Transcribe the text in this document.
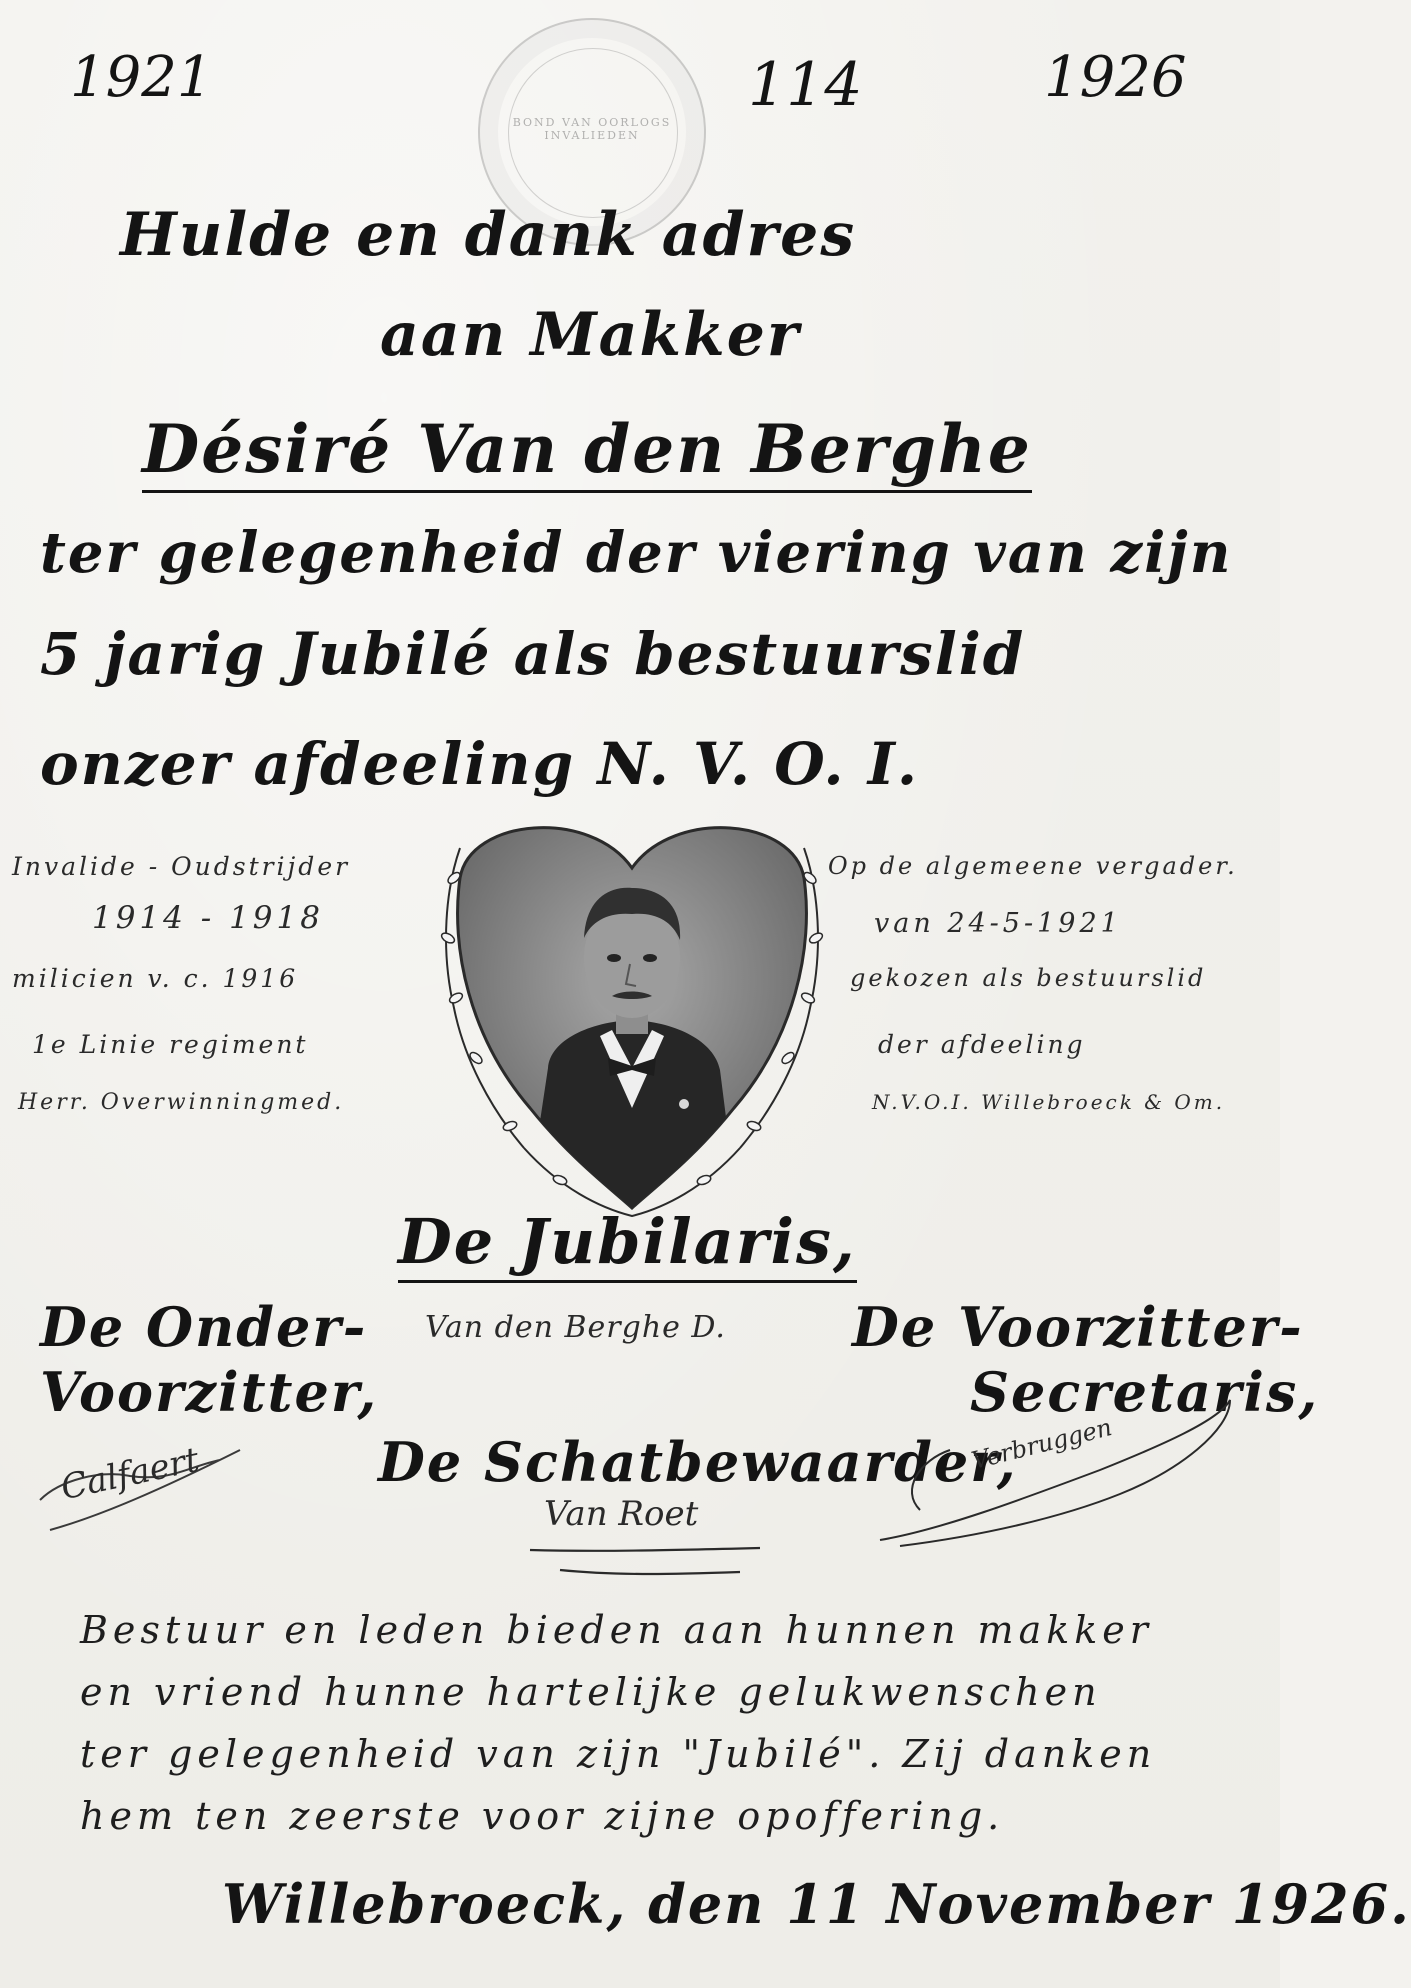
BOND VAN OORLOGS INVALIEDEN
1921	114	1926
Hulde en dank adres
aan Makker
Désiré Van den Berghe
ter gelegenheid der viering van zijn
5 jarig Jubilé als bestuurslid
onzer afdeeling N. V. O. I.
Invalide - Oudstrijder
1914 - 1918
milicien v. c. 1916
1e Linie regiment
Herr. Overwinningmed.
Op de algemeene vergader.
van 24-5-1921
gekozen als bestuurslid
der afdeeling
N.V.O.I. Willebroeck & Om.
De Jubilaris,
Van den Berghe D.
De Onder-
Voorzitter,
De Voorzitter-
Secretaris,
De Schatbewaarder,
Calfaert
Van Roet
Verbruggen
Bestuur en leden bieden aan hunnen makker
en vriend hunne hartelijke gelukwenschen
ter gelegenheid van zijn "Jubilé". Zij danken
hem ten zeerste voor zijne opoffering.
Willebroeck, den 11 November 1926.
